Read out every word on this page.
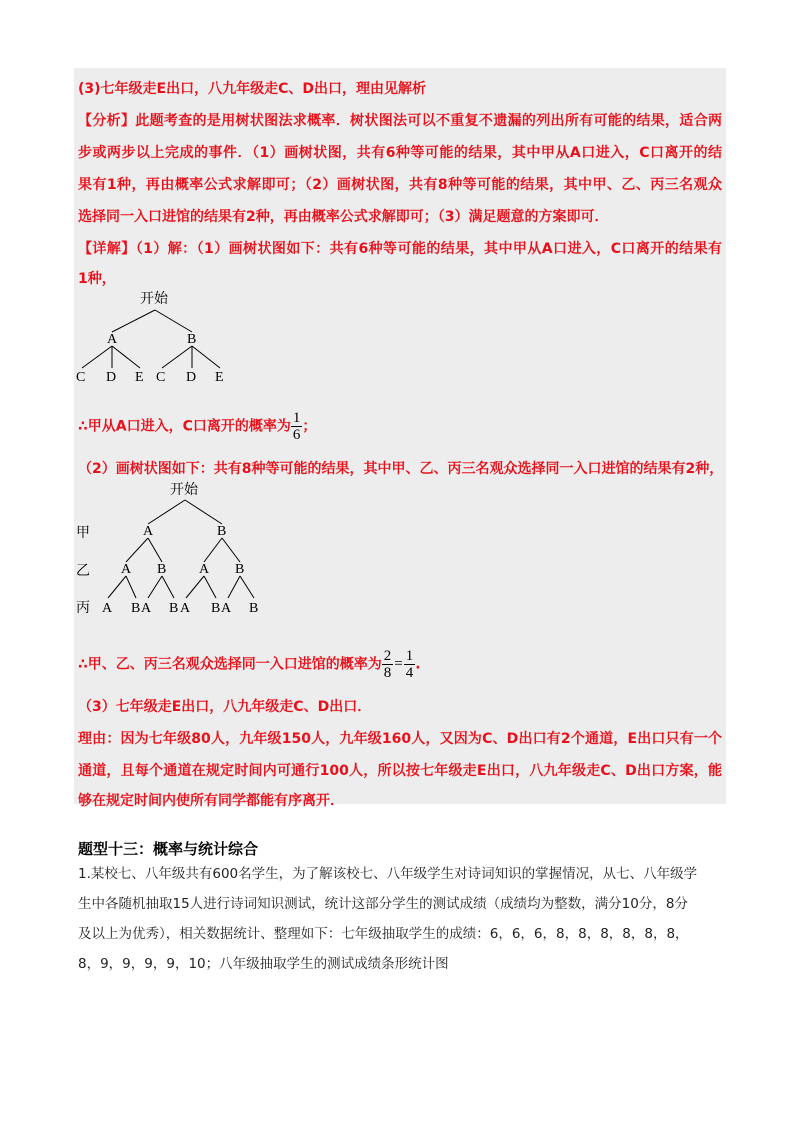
(3)七年级走E出口，八九年级走C、D出口，理由见解析
【分析】此题考查的是用树状图法求概率．树状图法可以不重复不遗漏的列出所有可能的结果，适合两
步或两步以上完成的事件．（1）画树状图，共有6种等可能的结果，其中甲从A口进入，C口离开的结
果有1种，再由概率公式求解即可；（2）画树状图，共有8种等可能的结果，其中甲、乙、丙三名观众
选择同一入口进馆的结果有2种，再由概率公式求解即可；（3）满足题意的方案即可．
【详解】（1）解：（1）画树状图如下：共有6种等可能的结果，其中甲从A口进入，C口离开的结果有
1种，
开始
A	B
C D E C D E
∴甲从A口进入，C口离开的概率为 $\frac{1}{6}$ ；
（2）画树状图如下：共有8种等可能的结果，其中甲、乙、丙三名观众选择同一入口进馆的结果有2种，
开始
甲
乙
丙
A	B
A B A B
A B A B A B A B
∴甲、乙、丙三名观众选择同一入口进馆的概率为 $\frac{2}{8} = \frac{1}{4}$ .
（3）七年级走E出口，八九年级走C、D出口．
理由：因为七年级80人，九年级150人，九年级160人，又因为C、D出口有2个通道，E出口只有一个
通道，且每个通道在规定时间内可通行100人，所以按七年级走E出口，八九年级走C、D出口方案，能
够在规定时间内使所有同学都能有序离开．
题型十三：概率与统计综合
1.某校七、八年级共有600名学生，为了解该校七、八年级学生对诗词知识的掌握情况，从七、八年级学
生中各随机抽取15人进行诗词知识测试，统计这部分学生的测试成绩（成绩均为整数，满分10分，8分
及以上为优秀），相关数据统计、整理如下：七年级抽取学生的成绩：6，6，6，8，8，8，8，8，8，
8，9，9，9，9，10；八年级抽取学生的测试成绩条形统计图
